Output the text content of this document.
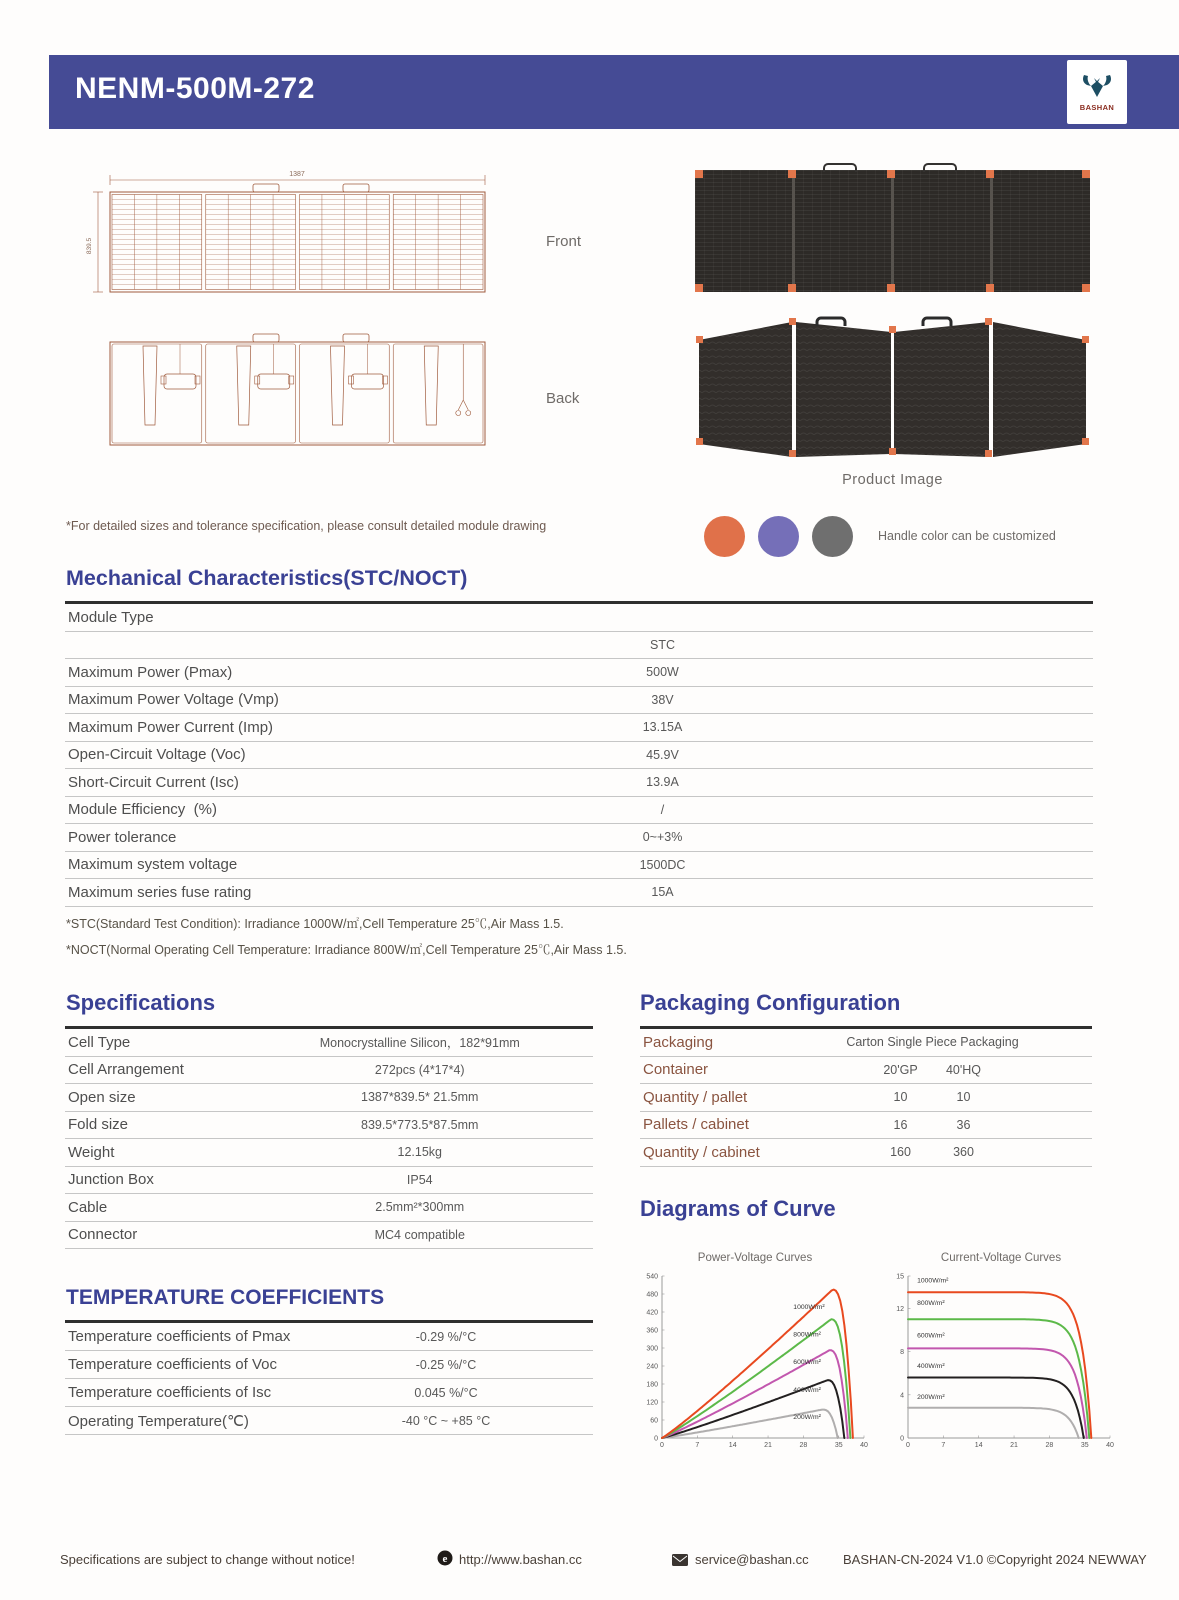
NENM-500M-272
BASHAN
1387
839.5	Front
Back
*For detailed sizes and tolerance specification, please consult detailed module drawing
Product Image
Handle color can be customized
Mechanical Characteristics(STC/NOCT)
Module Type
STC
Maximum Power (Pmax)	500W
Maximum Power Voltage (Vmp)	38V
Maximum Power Current (Imp)	13.15A
Open-Circuit Voltage (Voc)	45.9V
Short-Circuit Current (Isc)	13.9A
Module Efficiency  (%)	/
Power tolerance	0~+3%
Maximum system voltage	1500DC
Maximum series fuse rating	15A
*STC(Standard Test Condition): Irradiance 1000W/㎡,Cell Temperature 25℃,Air Mass 1.5.
*NOCT(Normal Operating Cell Temperature: Irradiance 800W/㎡,Cell Temperature 25℃,Air Mass 1.5.
Specifications
Cell Type	Monocrystalline Silicon，182*91mm
Cell Arrangement	272pcs (4*17*4)
Open size	1387*839.5* 21.5mm
Fold size	839.5*773.5*87.5mm
Weight	12.15kg
Junction Box	IP54
Cable	2.5mm²*300mm
Connector	MC4 compatible
Packaging Configuration
Packaging	Carton Single Piece Packaging
Container	20'GP	40'HQ
Quantity / pallet	10	10
Pallets / cabinet	16	36
Quantity / cabinet	160	360
TEMPERATURE COEFFICIENTS
Temperature coefficients of Pmax	-0.29 %/°C
Temperature coefficients of Voc	-0.25 %/°C
Temperature coefficients of Isc	0.045 %/°C
Operating Temperature(℃)	-40 °C ~ +85 °C
Diagrams of Curve
Power-Voltage Curves
0
60
120
180
240
300
360
420
480
540
0	7	14	21	28	35 40
1000W/m²
800W/m²
600W/m²
400W/m²
200W/m²
Current-Voltage Curves
0
4
8
12
15
0	7	14	21	28	35 40
1000W/m²
800W/m²
600W/m²
400W/m²
200W/m²
Specifications are subject to change without notice!	e http://www.bashan.cc	service@bashan.cc	BASHAN-CN-2024 V1.0 ©Copyright 2024 NEWWAY
